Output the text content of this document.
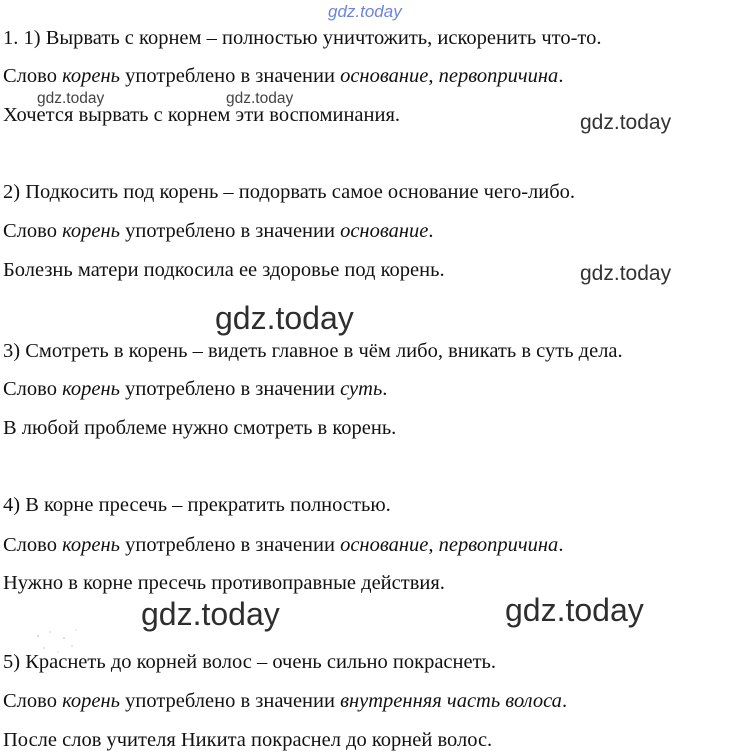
1. 1) Вырвать с корнем – полностью уничтожить, искоренить что-то.
Слово корень употреблено в значении основание, первопричина.
Хочется вырвать с корнем эти воспоминания.
2) Подкосить под корень – подорвать самое основание чего-либо.
Слово корень употреблено в значении основание.
Болезнь матери подкосила ее здоровье под корень.
3) Смотреть в корень – видеть главное в чём либо, вникать в суть дела.
Слово корень употреблено в значении суть.
В любой проблеме нужно смотреть в корень.
4) В корне пресечь – прекратить полностью.
Слово корень употреблено в значении основание, первопричина.
Нужно в корне пресечь противоправные действия.
5) Краснеть до корней волос – очень сильно покраснеть.
Слово корень употреблено в значении внутренняя часть волоса.
После слов учителя Никита покраснел до корней волос.
gdz.today
gdz.today	gdz.today
gdz.today
gdz.today
gdz.today
gdz.today	gdz.today
